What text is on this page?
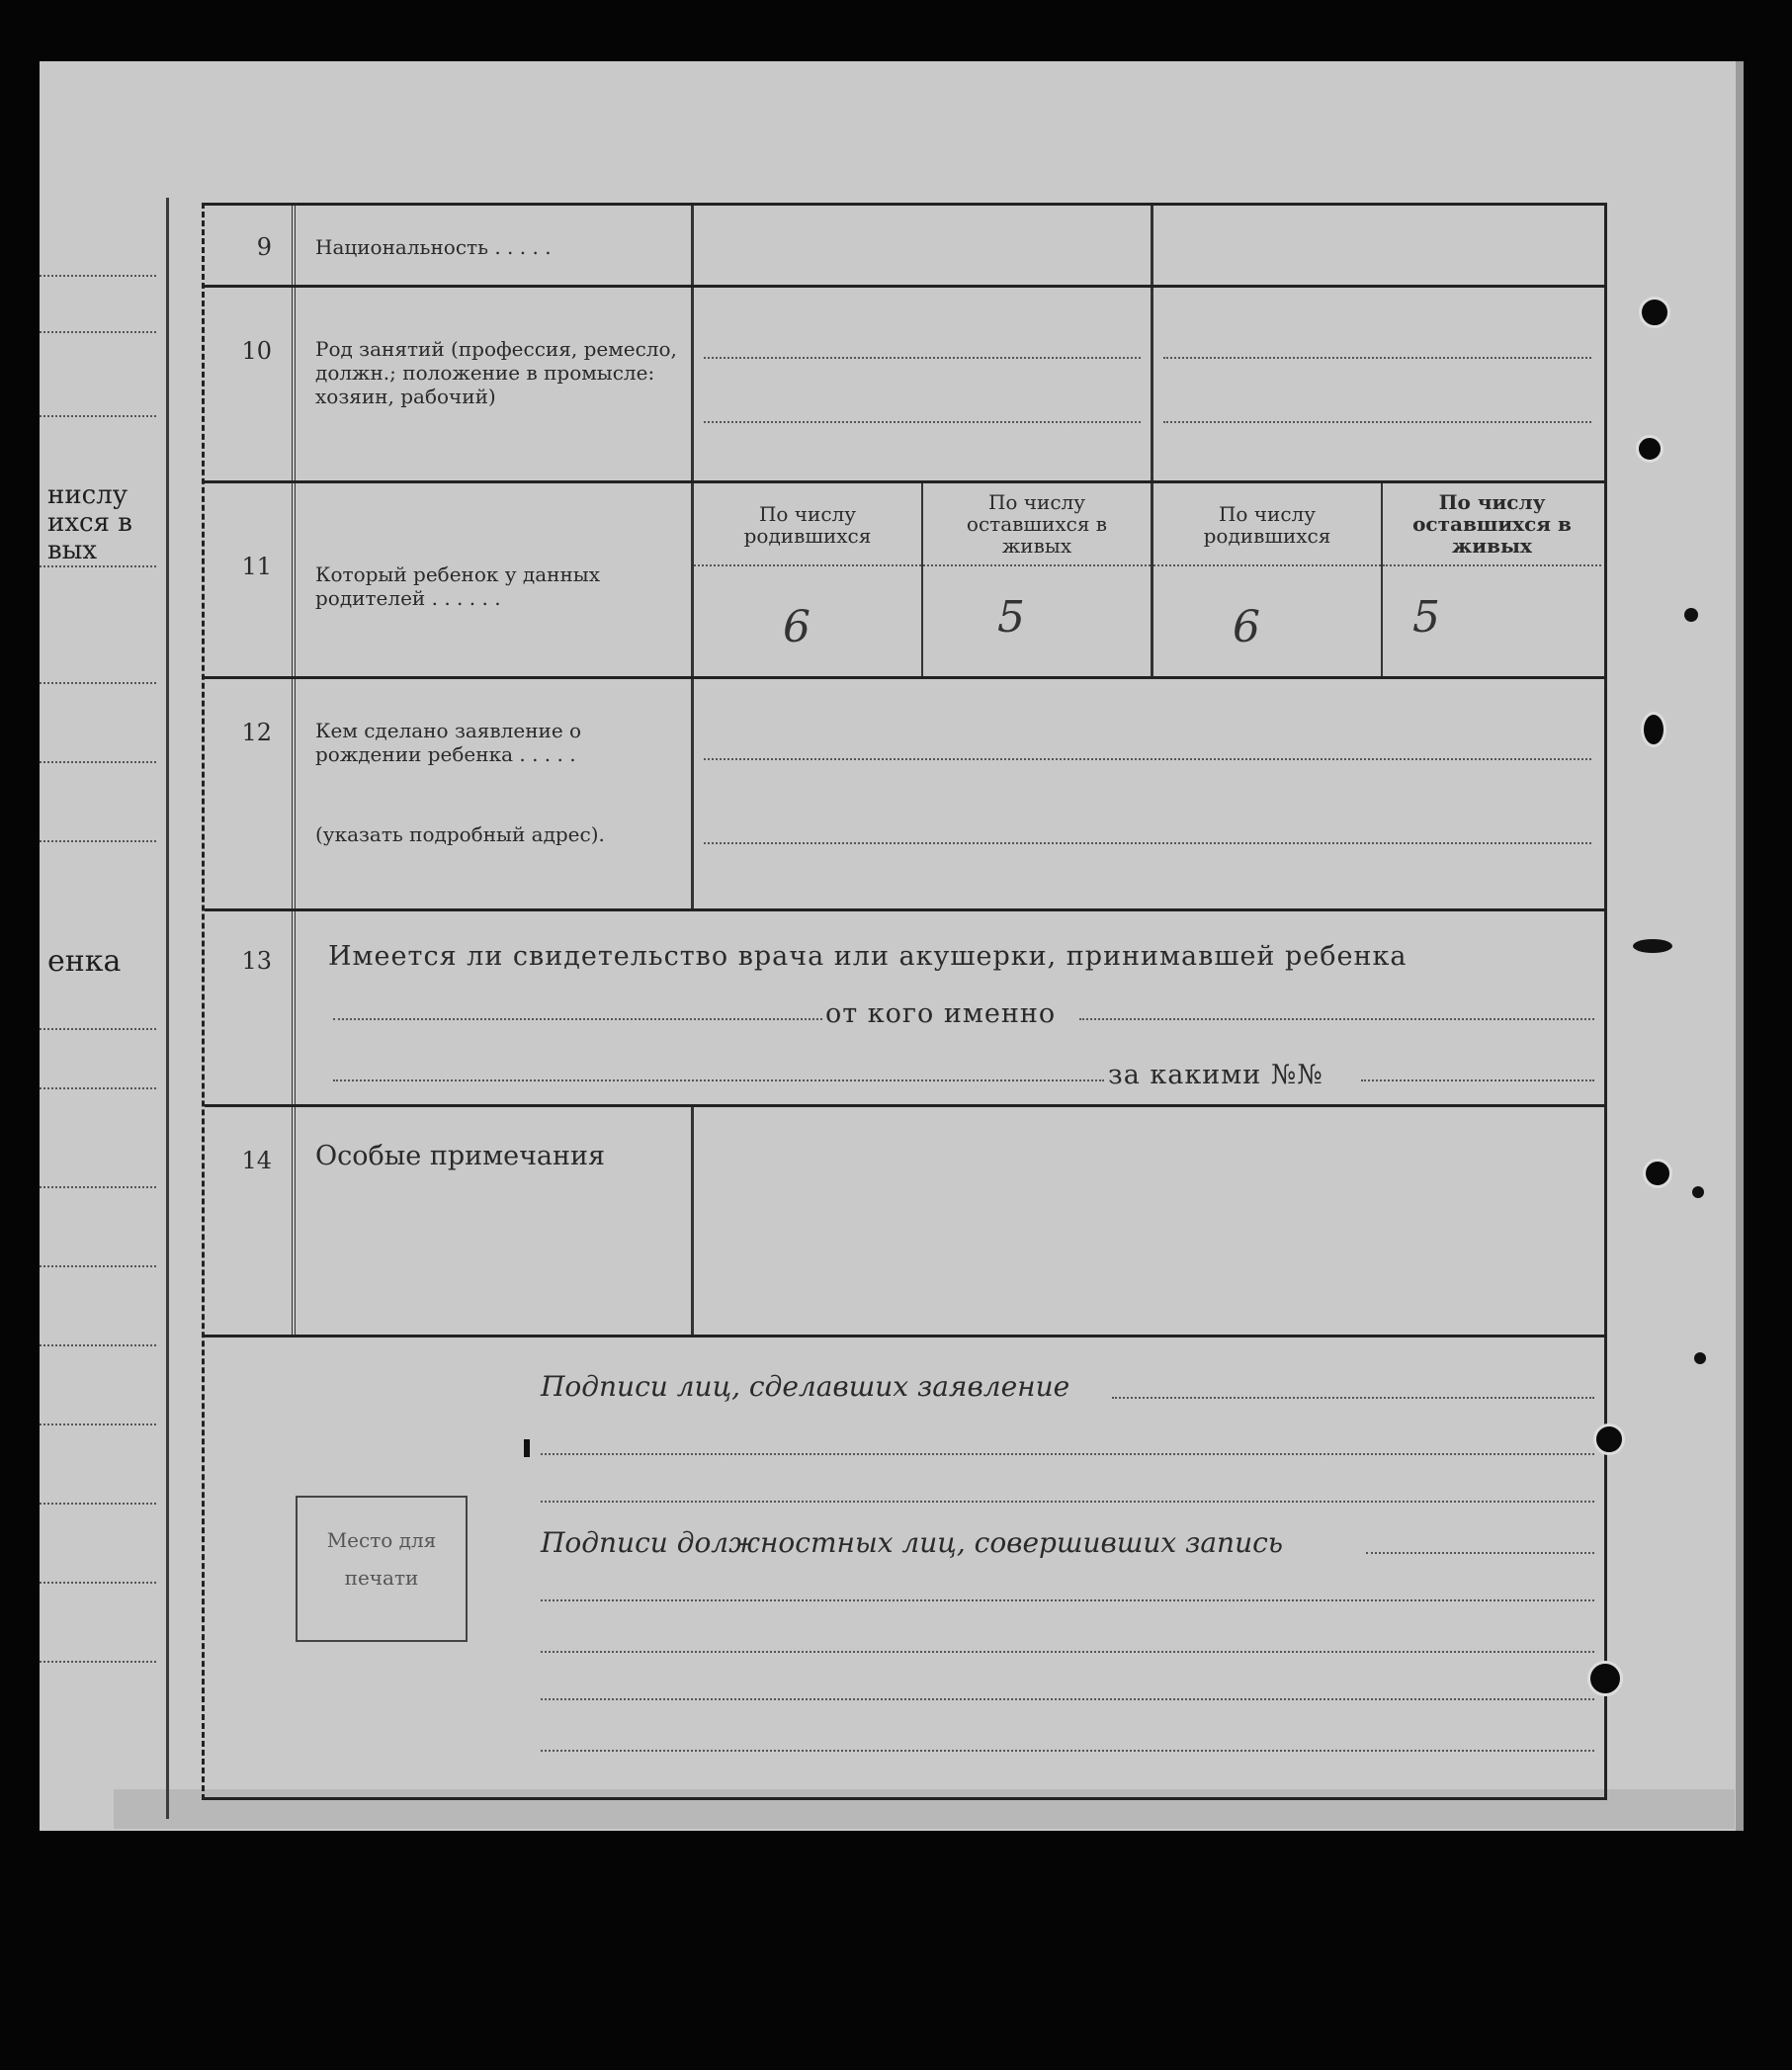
нислу
ихся в
вых
енка
9 Национальность . . . . .
10 Род занятий (профессия, ремесло, должн.; положение в промысле: хозяин, рабочий)
11 Который ребенок у данных родителей . . . . . .
По числу родившихся
6
По числу оставшихся в живых
5
По числу родившихся
6
По числу оставшихся в живых
5
12 Кем сделано заявление о рождении ребенка . . . . .
(указать подробный адрес).
13 Имеется ли свидетельство врача или акушерки, принимавшей ребенка
от кого именно
за какими №№
14 Особые примечания
Подписи лиц, сделавших заявление
Место для
печати
Подписи должностных лиц, совершивших запись
